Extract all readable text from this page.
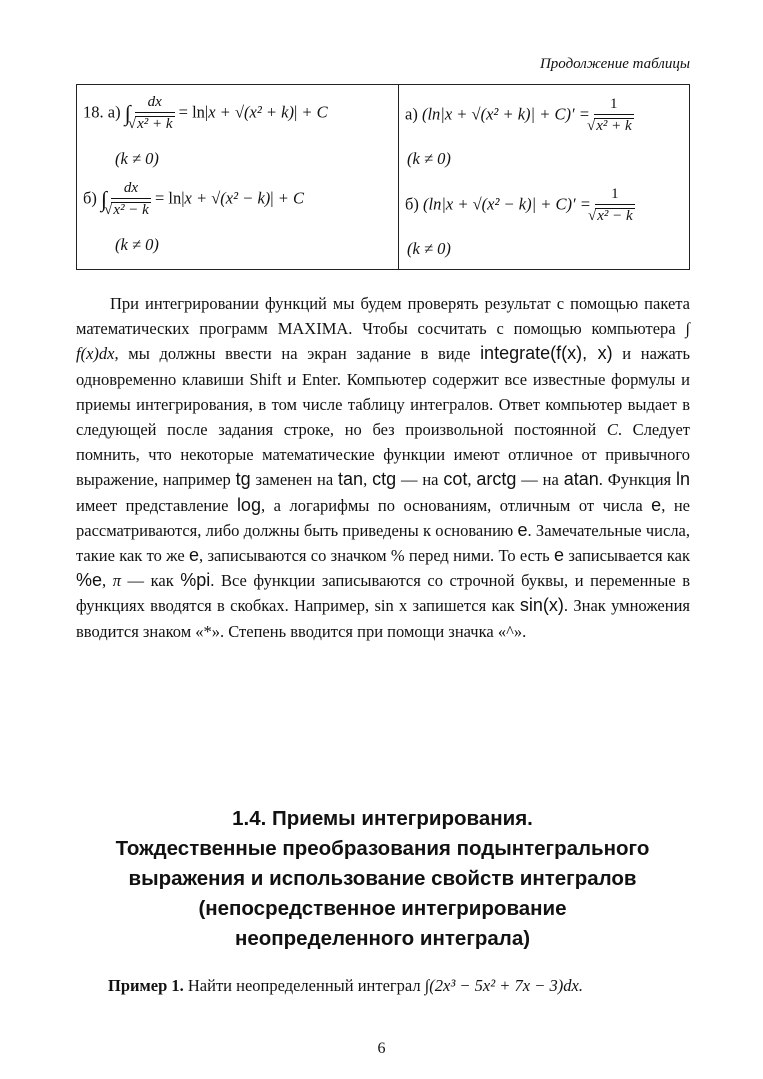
Продолжение таблицы
18. а) ∫ dx
√ x² + k = ln|x + √(x² + k)| + C
(k ≠ 0)
б) ∫ dx
√ x² − k = ln|x + √(x² − k)| + C
(k ≠ 0)
а) (ln|x + √(x² + k)| + C)′ = 1
√ x² + k
(k ≠ 0)
б) (ln|x + √(x² − k)| + C)′ = 1
√ x² − k
(k ≠ 0)

При интегрировании функций мы будем проверять результат с помощью пакета математических программ MAXIMA. Чтобы сосчитать с помощью компьютера ∫ f(x)dx, мы должны ввести на экран задание в виде integrate(f(x), x) и нажать одновременно клавиши Shift и Enter. Компьютер содержит все известные формулы и приемы интегрирования, в том числе таблицу интегралов. Ответ компьютер выдает в следующей после задания строке, но без произвольной постоянной C. Следует помнить, что некоторые математические функции имеют отличное от привычного выражение, например tg заменен на tan, ctg — на cot, arctg — на atan. Функция ln имеет представление log, а логарифмы по основаниям, отличным от числа e, не рассматриваются, либо должны быть приведены к основанию e. Замечательные числа, такие как то же e, записываются со значком % перед ними. То есть e записывается как %e, π — как %pi. Все функции записываются со строчной буквы, и переменные в функциях вводятся в скобках. Например, sin x запишется как sin(x). Знак умножения вводится знаком «*». Степень вводится при помощи значка «^».

1.4. Приемы интегрирования.
Тождественные преобразования подынтегрального
выражения и использование свойств интегралов
(непосредственное интегрирование
неопределенного интеграла)
Пример 1. Найти неопределенный интеграл ∫(2x³ − 5x² + 7x − 3)dx.
6
